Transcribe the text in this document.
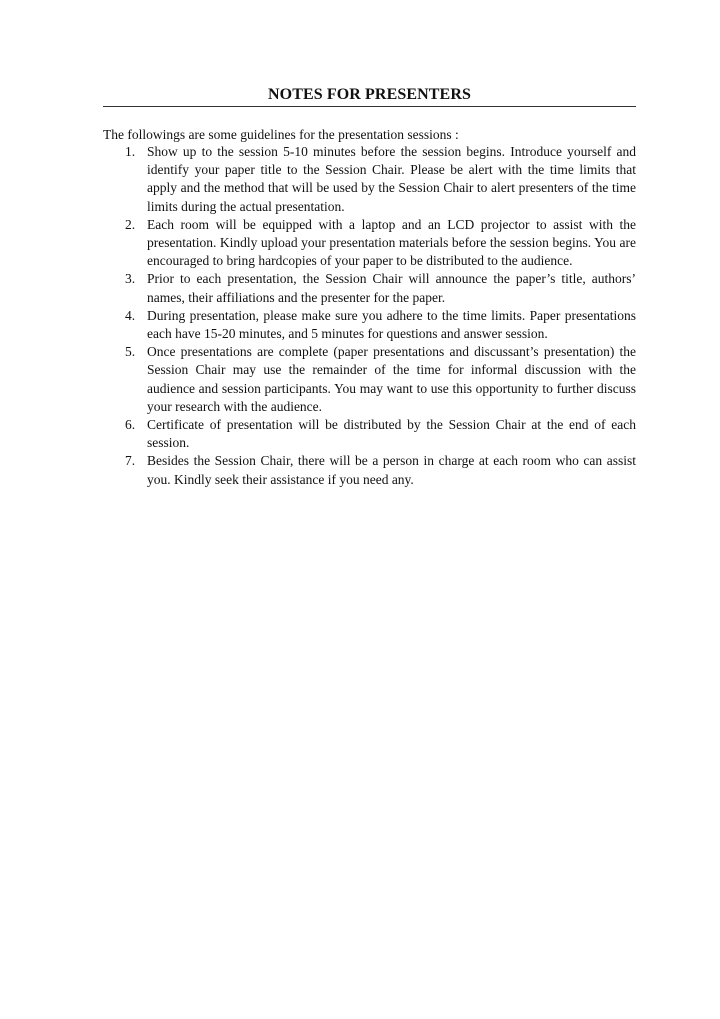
NOTES FOR PRESENTERS
The followings are some guidelines for the presentation sessions :
1. Show up to the session 5-10 minutes before the session begins. Introduce yourself and identify your paper title to the Session Chair. Please be alert with the time limits that apply and the method that will be used by the Session Chair to alert presenters of the time limits during the actual presentation.
2. Each room will be equipped with a laptop and an LCD projector to assist with the presentation. Kindly upload your presentation materials before the session begins. You are encouraged to bring hardcopies of your paper to be distributed to the audience.
3. Prior to each presentation, the Session Chair will announce the paper’s title, authors’ names, their affiliations and the presenter for the paper.
4. During presentation, please make sure you adhere to the time limits. Paper presentations each have 15-20 minutes, and 5 minutes for questions and answer session.
5. Once presentations are complete (paper presentations and discussant’s presentation) the Session Chair may use the remainder of the time for informal discussion with the audience and session participants. You may want to use this opportunity to further discuss your research with the audience.
6. Certificate of presentation will be distributed by the Session Chair at the end of each session.
7. Besides the Session Chair, there will be a person in charge at each room who can assist you. Kindly seek their assistance if you need any.
